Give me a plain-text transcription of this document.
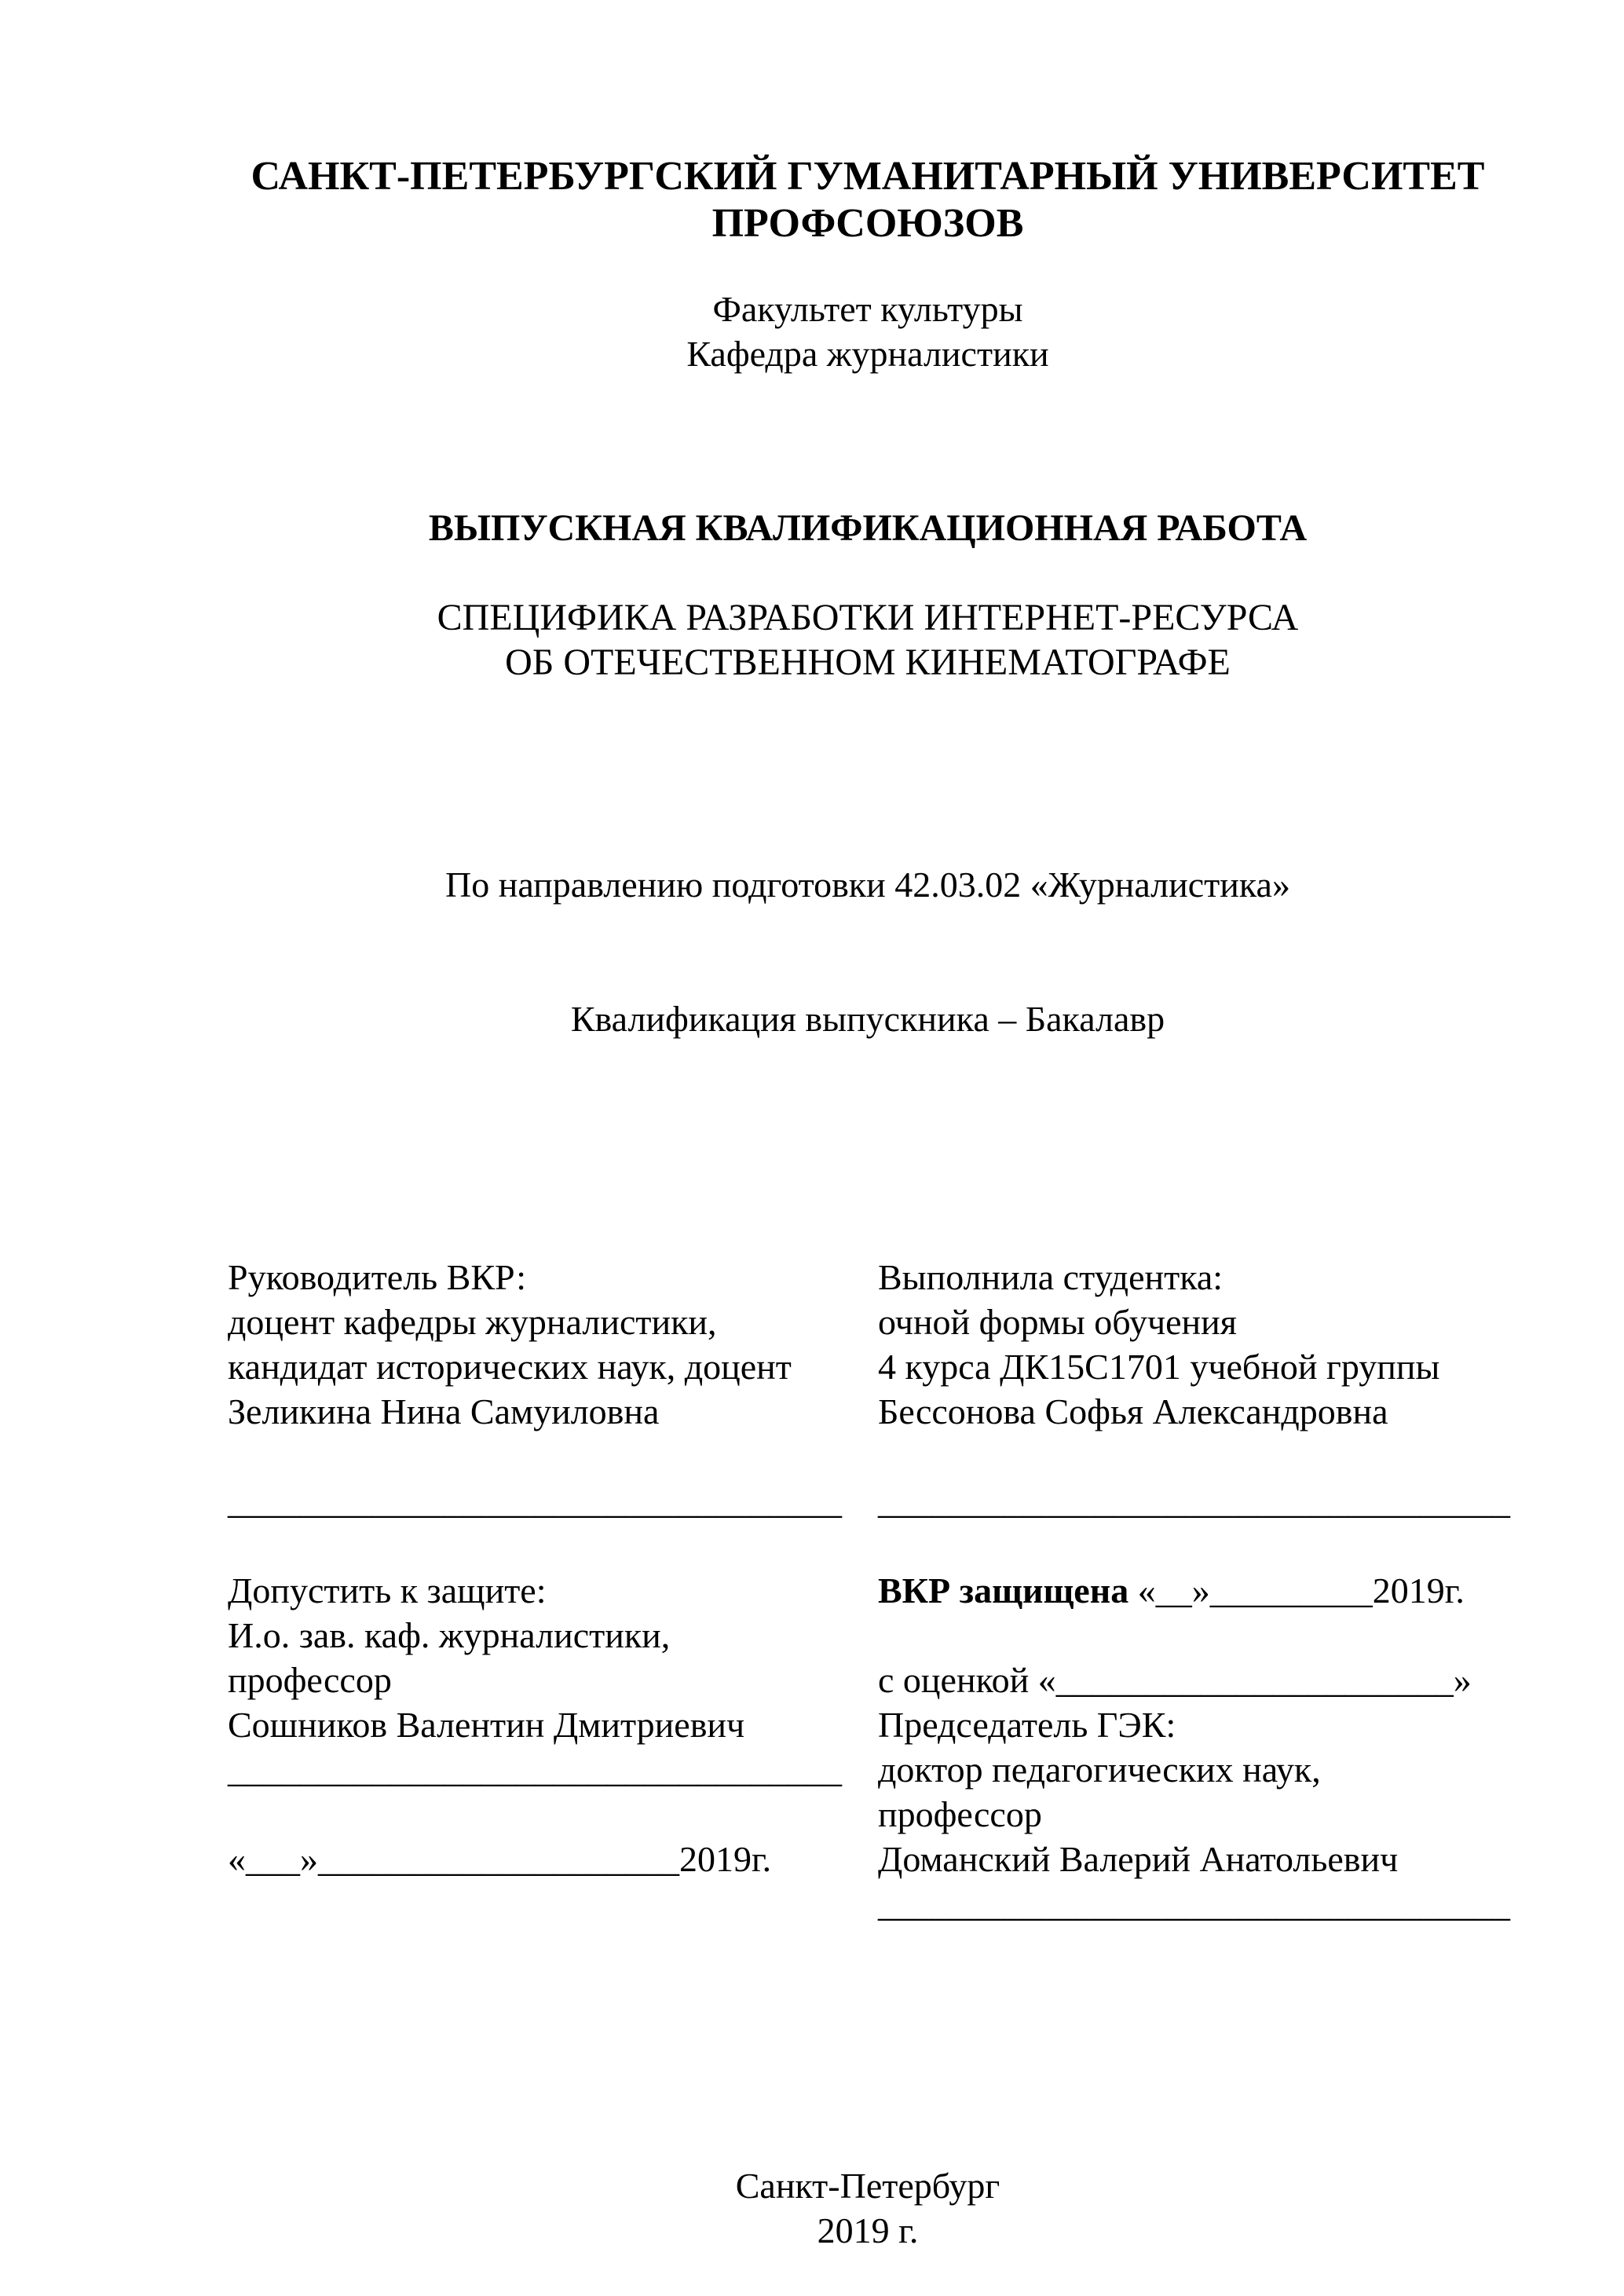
САНКТ-ПЕТЕРБУРГСКИЙ ГУМАНИТАРНЫЙ УНИВЕРСИТЕТ
ПРОФСОЮЗОВ
Факультет культуры
Кафедра журналистики
ВЫПУСКНАЯ КВАЛИФИКАЦИОННАЯ РАБОТА
СПЕЦИФИКА РАЗРАБОТКИ ИНТЕРНЕТ-РЕСУРСА
ОБ ОТЕЧЕСТВЕННОМ КИНЕМАТОГРАФЕ

По направлению подготовки 42.03.02 «Журналистика»

Квалификация выпускника – Бакалавр

Руководитель ВКР:
доцент кафедры журналистики,
кандидат исторических наук, доцент
Зеликина Нина Самуиловна
__________________________________
Допустить к защите:
И.о. зав. каф. журналистики,
профессор
Сошников Валентин Дмитриевич
__________________________________
«___»____________________2019г.
Выполнила студентка:
очной формы обучения
4 курса ДК15С1701 учебной группы
Бессонова Софья Александровна
___________________________________
ВКР защищена «__»_________2019г.
с оценкой «______________________»
Председатель ГЭК:
доктор педагогических наук,
профессор
Доманский Валерий Анатольевич
___________________________________
Санкт-Петербург
2019 г.
